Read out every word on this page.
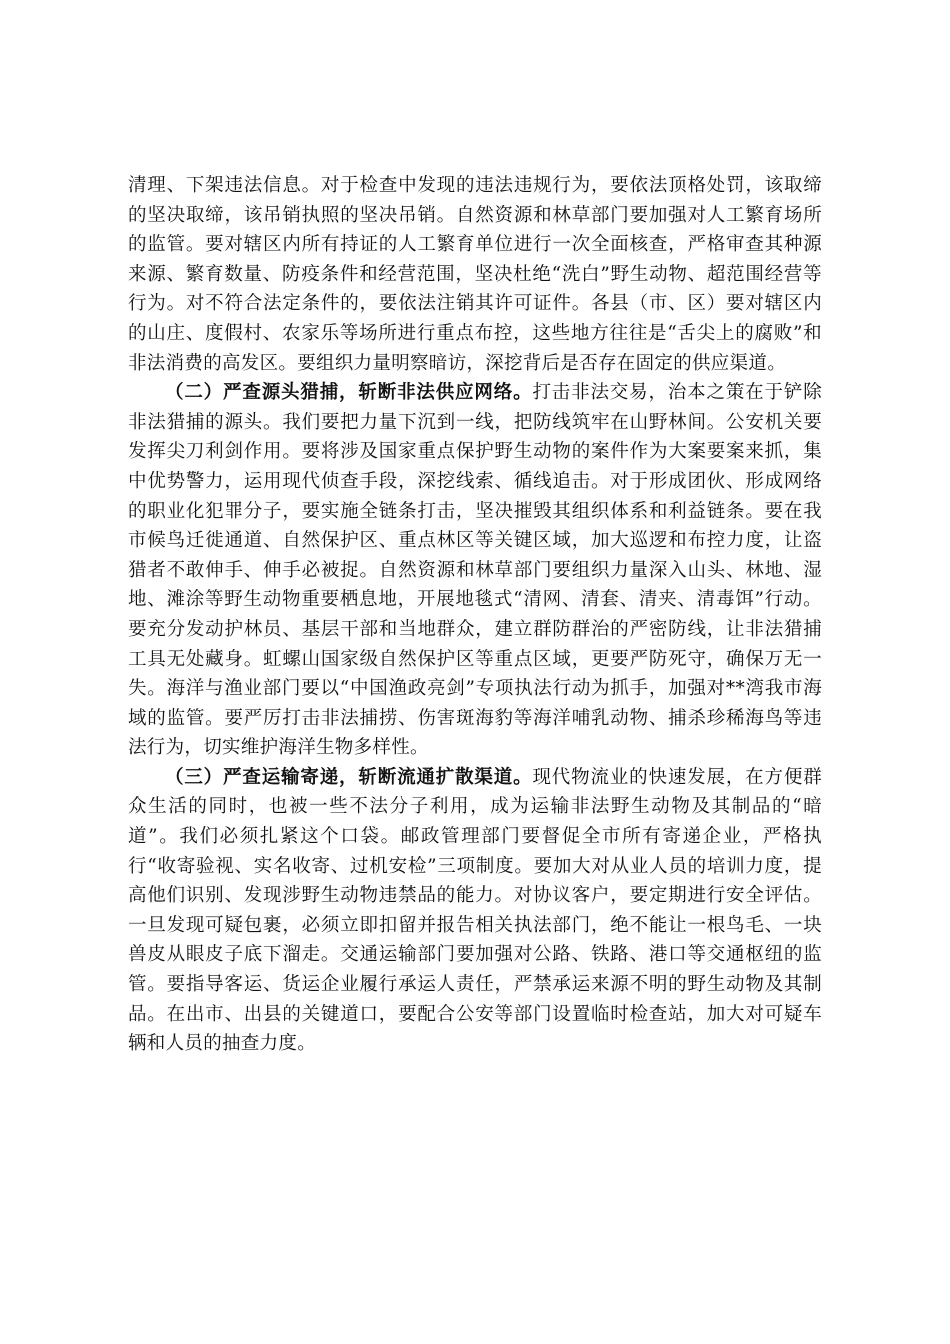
清理、下架违法信息。对于检查中发现的违法违规行为，要依法顶格处罚，该取缔的坚决取缔，该吊销执照的坚决吊销。自然资源和林草部门要加强对人工繁育场所的监管。要对辖区内所有持证的人工繁育单位进行一次全面核查，严格审查其种源来源、繁育数量、防疫条件和经营范围，坚决杜绝“洗白”野生动物、超范围经营等行为。对不符合法定条件的，要依法注销其许可证件。各县（市、区）要对辖区内的山庄、度假村、农家乐等场所进行重点布控，这些地方往往是“舌尖上的腐败”和非法消费的高发区。要组织力量明察暗访，深挖背后是否存在固定的供应渠道。

（二）严查源头猎捕，斩断非法供应网络。打击非法交易，治本之策在于铲除非法猎捕的源头。我们要把力量下沉到一线，把防线筑牢在山野林间。公安机关要发挥尖刀利剑作用。要将涉及国家重点保护野生动物的案件作为大案要案来抓，集中优势警力，运用现代侦查手段，深挖线索、循线追击。对于形成团伙、形成网络的职业化犯罪分子，要实施全链条打击，坚决摧毁其组织体系和利益链条。要在我市候鸟迁徙通道、自然保护区、重点林区等关键区域，加大巡逻和布控力度，让盗猎者不敢伸手、伸手必被捉。自然资源和林草部门要组织力量深入山头、林地、湿地、滩涂等野生动物重要栖息地，开展地毯式“清网、清套、清夹、清毒饵”行动。要充分发动护林员、基层干部和当地群众，建立群防群治的严密防线，让非法猎捕工具无处藏身。虹螺山国家级自然保护区等重点区域，更要严防死守，确保万无一失。海洋与渔业部门要以“中国渔政亮剑”专项执法行动为抓手，加强对**湾我市海域的监管。要严厉打击非法捕捞、伤害斑海豹等海洋哺乳动物、捕杀珍稀海鸟等违法行为，切实维护海洋生物多样性。

（三）严查运输寄递，斩断流通扩散渠道。现代物流业的快速发展，在方便群众生活的同时，也被一些不法分子利用，成为运输非法野生动物及其制品的“暗道”。我们必须扎紧这个口袋。邮政管理部门要督促全市所有寄递企业，严格执行“收寄验视、实名收寄、过机安检”三项制度。要加大对从业人员的培训力度，提高他们识别、发现涉野生动物违禁品的能力。对协议客户，要定期进行安全评估。一旦发现可疑包裹，必须立即扣留并报告相关执法部门，绝不能让一根鸟毛、一块兽皮从眼皮子底下溜走。交通运输部门要加强对公路、铁路、港口等交通枢纽的监管。要指导客运、货运企业履行承运人责任，严禁承运来源不明的野生动物及其制品。在出市、出县的关键道口，要配合公安等部门设置临时检查站，加大对可疑车辆和人员的抽查力度。
